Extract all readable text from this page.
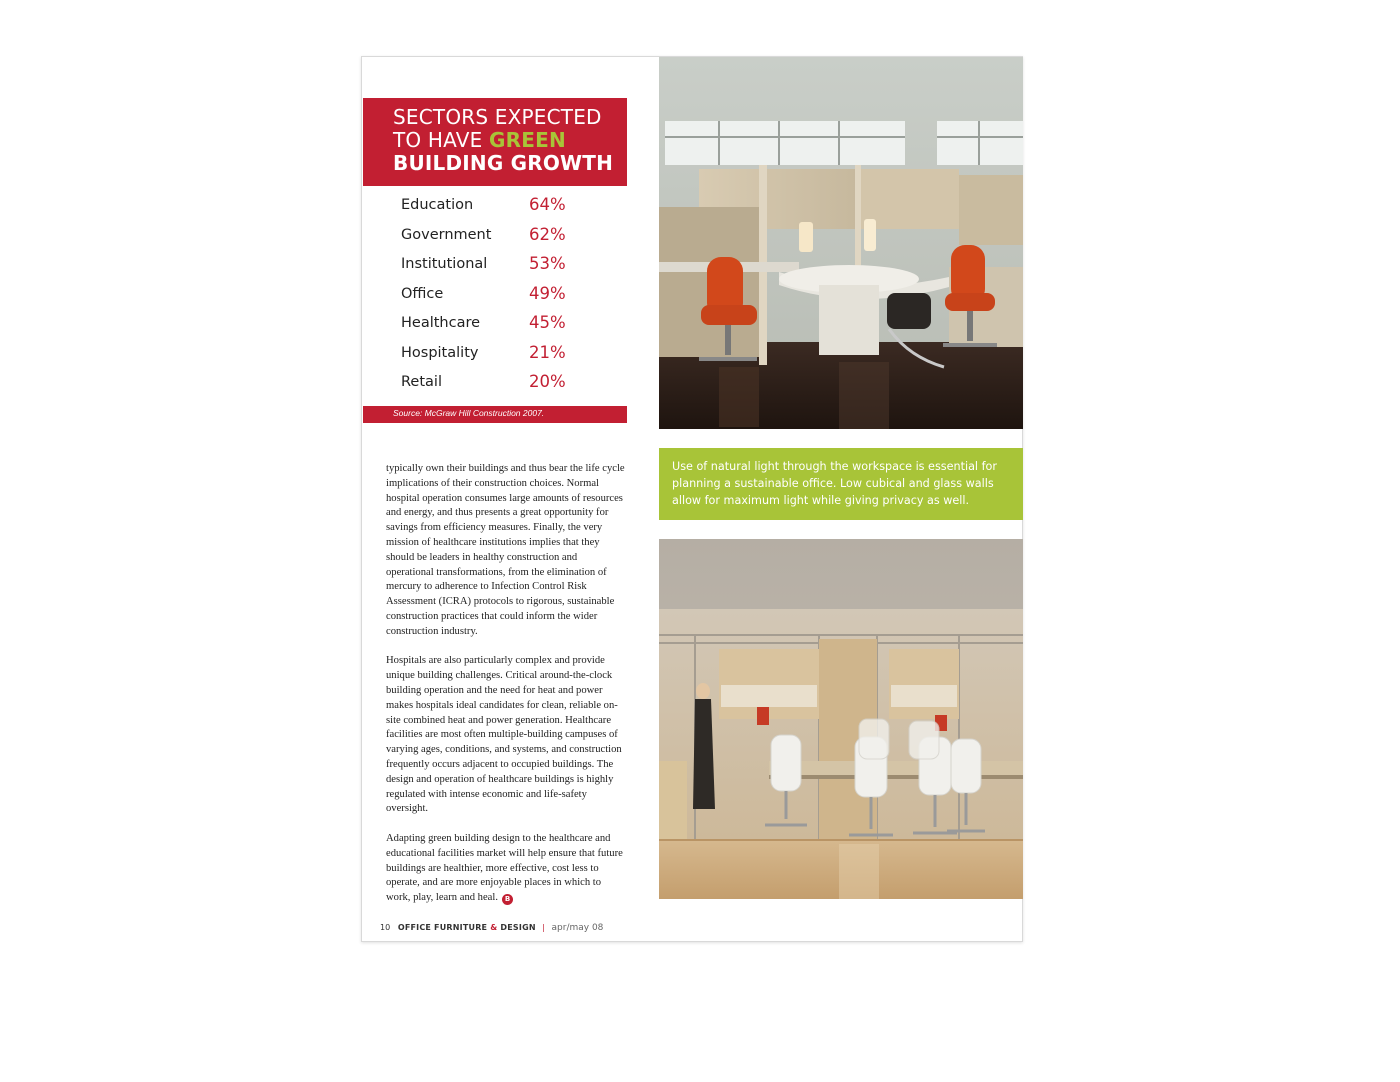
SECTORS EXPECTED
TO HAVE GREEN
BUILDING GROWTH
Education	64%
Government 62%
Institutional	53%
Office	49%
Healthcare	45%
Hospitality	21%
Retail	20%
Source: McGraw Hill Construction 2007.

typically own their buildings and thus bear the life cycle implications of their construction choices. Normal hospital operation consumes large amounts of resources and energy, and thus presents a great opportunity for savings from efficiency measures. Finally, the very mission of healthcare institutions implies that they should be leaders in healthy construction and operational transformations, from the elimination of mercury to adherence to Infection Control Risk Assessment (ICRA) protocols to rigorous, sustainable construction practices that could inform the wider construction industry.

Hospitals are also particularly complex and provide unique building challenges. Critical around-the-clock building operation and the need for heat and power makes hospitals ideal candidates for clean, reliable on-site combined heat and power generation. Healthcare facilities are most often multiple-building campuses of varying ages, conditions, and systems, and construction frequently occurs adjacent to occupied buildings. The design and operation of healthcare buildings is highly regulated with intense economic and life-safety oversight.

Adapting green building design to the healthcare and educational facilities market will help ensure that future buildings are healthier, more effective, cost less to operate, and are more enjoyable places in which to work, play, learn and heal. B

10 OFFICE FURNITURE & DESIGN | apr/may 08
Use of natural light through the workspace is essential for planning a sustainable office. Low cubical and glass walls allow for maximum light while giving privacy as well.
